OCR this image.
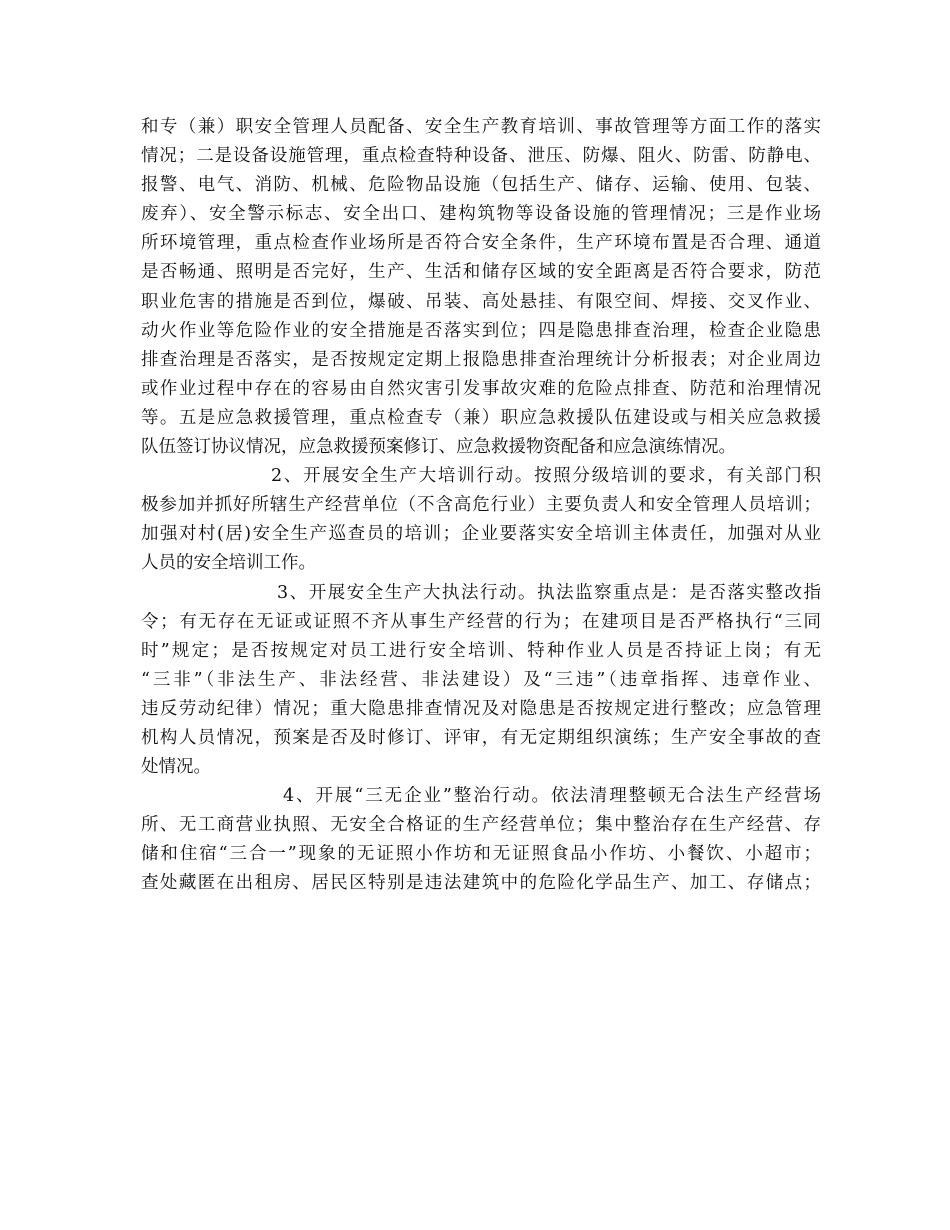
和专（兼）职安全管理人员配备、安全生产教育培训、事故管理等方面工作的落实
情况；二是设备设施管理，重点检查特种设备、泄压、防爆、阻火、防雷、防静电、
报警、电气、消防、机械、危险物品设施（包括生产、储存、运输、使用、包装、
废弃）、安全警示标志、安全出口、建构筑物等设备设施的管理情况；三是作业场
所环境管理，重点检查作业场所是否符合安全条件，生产环境布置是否合理、通道
是否畅通、照明是否完好，生产、生活和储存区域的安全距离是否符合要求，防范
职业危害的措施是否到位，爆破、吊装、高处悬挂、有限空间、焊接、交叉作业、
动火作业等危险作业的安全措施是否落实到位；四是隐患排查治理，检查企业隐患
排查治理是否落实，是否按规定定期上报隐患排查治理统计分析报表；对企业周边
或作业过程中存在的容易由自然灾害引发事故灾难的危险点排查、防范和治理情况
等。五是应急救援管理，重点检查专（兼）职应急救援队伍建设或与相关应急救援
队伍签订协议情况，应急救援预案修订、应急救援物资配备和应急演练情况。
2、开展安全生产大培训行动。按照分级培训的要求，有关部门积
极参加并抓好所辖生产经营单位（不含高危行业）主要负责人和安全管理人员培训；
加强对村(居)安全生产巡查员的培训；企业要落实安全培训主体责任，加强对从业
人员的安全培训工作。
3、开展安全生产大执法行动。执法监察重点是：是否落实整改指
令；有无存在无证或证照不齐从事生产经营的行为；在建项目是否严格执行“三同
时”规定；是否按规定对员工进行安全培训、特种作业人员是否持证上岗；有无
“三非”（非法生产、非法经营、非法建设）及“三违”（违章指挥、违章作业、
违反劳动纪律）情况；重大隐患排查情况及对隐患是否按规定进行整改；应急管理
机构人员情况，预案是否及时修订、评审，有无定期组织演练；生产安全事故的查
处情况。
4、开展“三无企业”整治行动。依法清理整顿无合法生产经营场
所、无工商营业执照、无安全合格证的生产经营单位；集中整治存在生产经营、存
储和住宿“三合一”现象的无证照小作坊和无证照食品小作坊、小餐饮、小超市；
查处藏匿在出租房、居民区特别是违法建筑中的危险化学品生产、加工、存储点；
